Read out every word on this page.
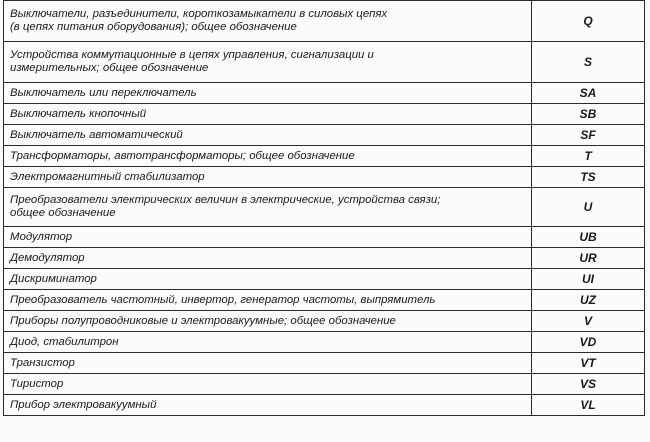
Выключатели, разъединители, короткозамыкатели в силовых цепях
(в цепях питания оборудования); общее обозначение	Q
Устройства коммутационные в цепях управления, сигнализации и
измерительных; общее обозначение	S
Выключатель или переключатель	SA
Выключатель кнопочный	SB
Выключатель автоматический	SF
Трансформаторы, автотрансформаторы; общее обозначение	T
Электромагнитный стабилизатор	TS
Преобразователи электрических величин в электрические, устройства связи;
общее обозначение	U
Модулятор	UB
Демодулятор	UR
Дискриминатор	UI
Преобразователь частотный, инвертор, генератор частоты, выпрямитель	UZ
Приборы полупроводниковые и электровакуумные; общее обозначение	V
Диод, стабилитрон	VD
Транзистор	VT
Тиристор	VS
Прибор электровакуумный	VL
